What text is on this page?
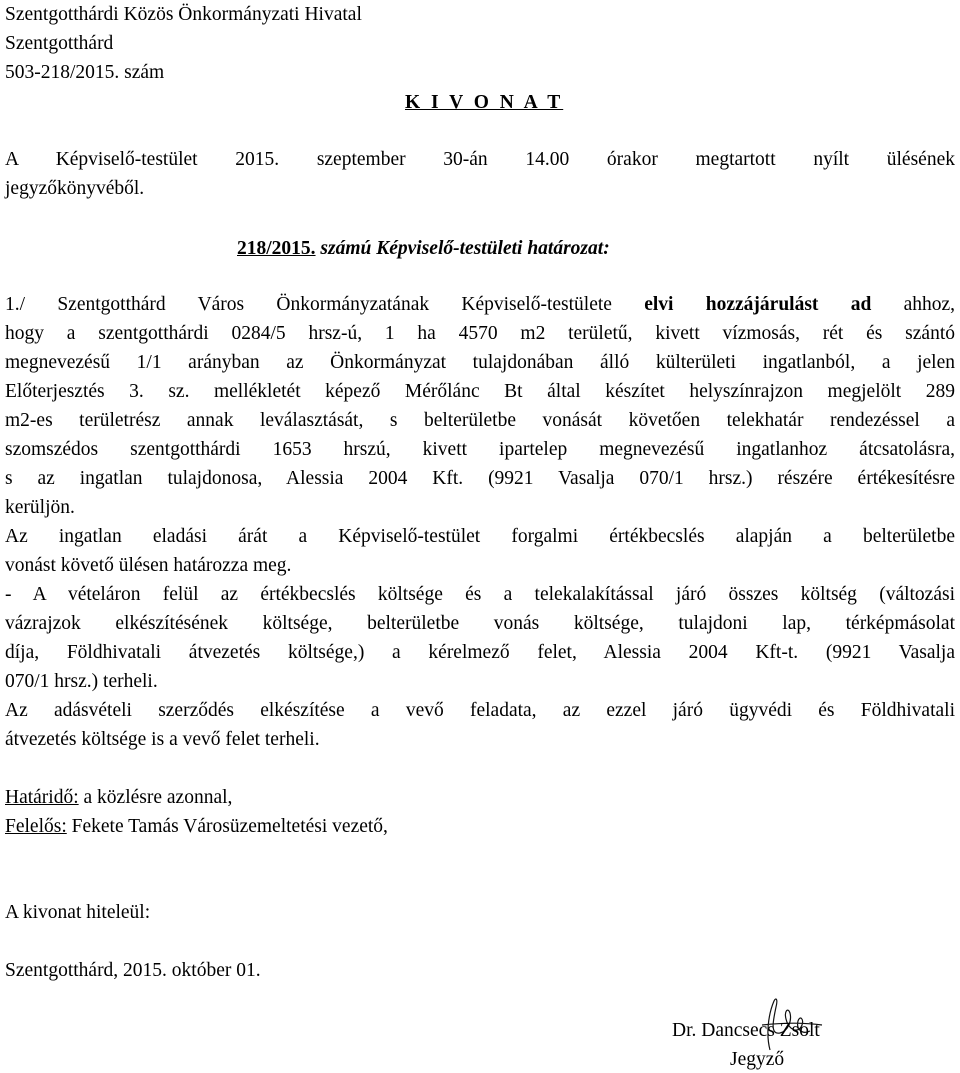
Szentgotthárdi Közös Önkormányzati Hivatal
Szentgotthárd
503-218/2015. szám
K I V O N A T
A Képviselő-testület 2015. szeptember 30-án 14.00 órakor megtartott nyílt ülésének
jegyzőkönyvéből.
218/2015. számú Képviselő-testületi határozat:
1./ Szentgotthárd Város Önkormányzatának Képviselő-testülete elvi hozzájárulást ad ahhoz,
hogy a szentgotthárdi 0284/5 hrsz-ú, 1 ha 4570 m2 területű, kivett vízmosás, rét és szántó
megnevezésű 1/1 arányban az Önkormányzat tulajdonában álló külterületi ingatlanból, a jelen
Előterjesztés 3. sz. mellékletét képező Mérőlánc Bt által készítet helyszínrajzon megjelölt 289
m2-es területrész annak leválasztását, s belterületbe vonását követően telekhatár rendezéssel a
szomszédos szentgotthárdi 1653 hrszú, kivett ipartelep megnevezésű ingatlanhoz átcsatolásra,
s az ingatlan tulajdonosa, Alessia 2004 Kft. (9921 Vasalja 070/1 hrsz.) részére értékesítésre
kerüljön.
Az ingatlan eladási árát a Képviselő-testület forgalmi értékbecslés alapján a belterületbe
vonást követő ülésen határozza meg.
- A vételáron felül az értékbecslés költsége és a telekalakítással járó összes költség (változási
vázrajzok elkészítésének költsége, belterületbe vonás költsége, tulajdoni lap, térképmásolat
díja, Földhivatali átvezetés költsége,) a kérelmező felet, Alessia 2004 Kft-t. (9921 Vasalja
070/1 hrsz.) terheli.
Az adásvételi szerződés elkészítése a vevő feladata, az ezzel járó ügyvédi és Földhivatali
átvezetés költsége is a vevő felet terheli.
Határidő: a közlésre azonnal,
Felelős: Fekete Tamás Városüzemeltetési vezető,
A kivonat hiteleül:
Szentgotthárd, 2015. október 01.
Dr. Dancsecs Zsolt
Jegyző
